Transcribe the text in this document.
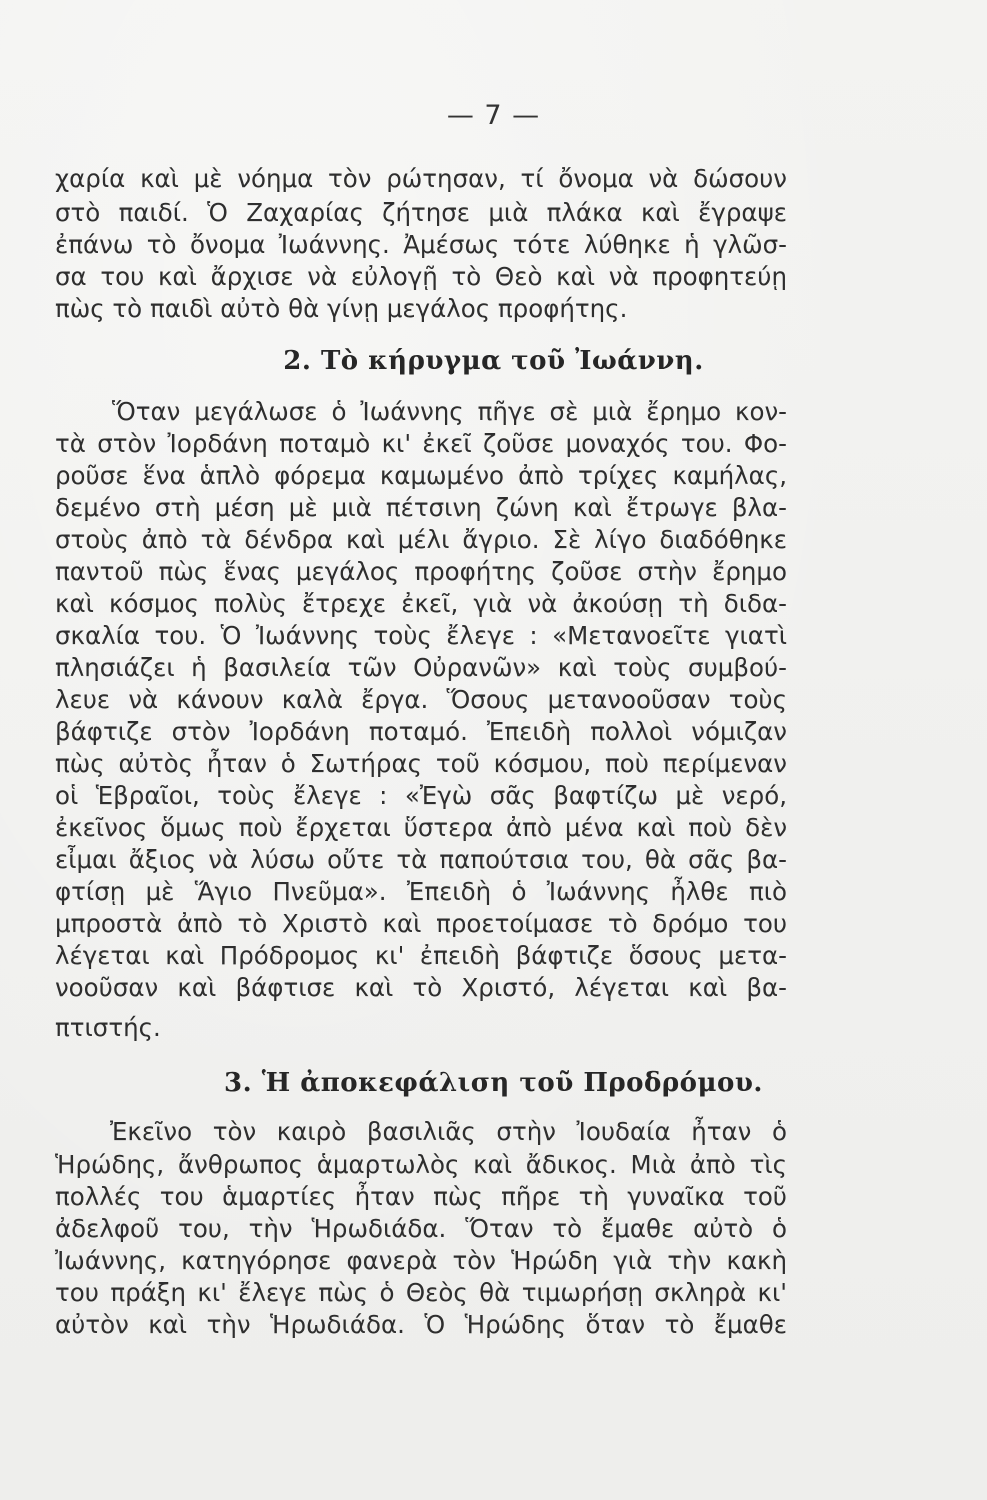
— 7 —
χαρία καὶ μὲ νόημα τὸν ρώτησαν, τί ὄνομα νὰ δώσουν
στὸ παιδί. Ὁ Ζαχαρίας ζήτησε μιὰ πλάκα καὶ ἔγραψε
ἐπάνω τὸ ὄνομα Ἰωάννης. Ἀμέσως τότε λύθηκε ἡ γλῶσ-
σα του καὶ ἄρχισε νὰ εὐλογῇ τὸ Θεὸ καὶ νὰ προφητεύῃ
πὼς τὸ παιδὶ αὐτὸ θὰ γίνῃ μεγάλος προφήτης.
2. Τὸ κήρυγμα τοῦ Ἰωάννη.
Ὅταν μεγάλωσε ὁ Ἰωάννης πῆγε σὲ μιὰ ἔρημο κον-
τὰ στὸν Ἰορδάνη ποταμὸ κι' ἐκεῖ ζοῦσε μοναχός του. Φο-
ροῦσε ἕνα ἁπλὸ φόρεμα καμωμένο ἀπὸ τρίχες καμήλας,
δεμένο στὴ μέση μὲ μιὰ πέτσινη ζώνη καὶ ἔτρωγε βλα-
στοὺς ἀπὸ τὰ δένδρα καὶ μέλι ἄγριο. Σὲ λίγο διαδόθηκε
παντοῦ πὼς ἕνας μεγάλος προφήτης ζοῦσε στὴν ἔρημο
καὶ κόσμος πολὺς ἔτρεχε ἐκεῖ, γιὰ νὰ ἀκούσῃ τὴ διδα-
σκαλία του. Ὁ Ἰωάννης τοὺς ἔλεγε : «Μετανοεῖτε γιατὶ
πλησιάζει ἡ βασιλεία τῶν Οὐρανῶν» καὶ τοὺς συμβού-
λευε νὰ κάνουν καλὰ ἔργα. Ὅσους μετανοοῦσαν τοὺς
βάφτιζε στὸν Ἰορδάνη ποταμό. Ἐπειδὴ πολλοὶ νόμιζαν
πὼς αὐτὸς ἦταν ὁ Σωτήρας τοῦ κόσμου, ποὺ περίμεναν
οἱ Ἑβραῖοι, τοὺς ἔλεγε : «Ἐγὼ σᾶς βαφτίζω μὲ νερό,
ἐκεῖνος ὅμως ποὺ ἔρχεται ὕστερα ἀπὸ μένα καὶ ποὺ δὲν
εἶμαι ἄξιος νὰ λύσω οὔτε τὰ παπούτσια του, θὰ σᾶς βα-
φτίσῃ μὲ Ἅγιο Πνεῦμα». Ἐπειδὴ ὁ Ἰωάννης ἦλθε πιὸ
μπροστὰ ἀπὸ τὸ Χριστὸ καὶ προετοίμασε τὸ δρόμο του
λέγεται καὶ Πρόδρομος κι' ἐπειδὴ βάφτιζε ὅσους μετα-
νοοῦσαν καὶ βάφτισε καὶ τὸ Χριστό, λέγεται καὶ βα-
πτιστής.
3. Ἡ ἀποκεφάλιση τοῦ Προδρόμου.
Ἐκεῖνο τὸν καιρὸ βασιλιᾶς στὴν Ἰουδαία ἦταν ὁ
Ἡρώδης, ἄνθρωπος ἁμαρτωλὸς καὶ ἄδικος. Μιὰ ἀπὸ τὶς
πολλές του ἁμαρτίες ἦταν πὼς πῆρε τὴ γυναῖκα τοῦ
ἀδελφοῦ του, τὴν Ἡρωδιάδα. Ὅταν τὸ ἔμαθε αὐτὸ ὁ
Ἰωάννης, κατηγόρησε φανερὰ τὸν Ἡρώδη γιὰ τὴν κακὴ
του πράξη κι' ἔλεγε πὼς ὁ Θεὸς θὰ τιμωρήσῃ σκληρὰ κι'
αὐτὸν καὶ τὴν Ἡρωδιάδα. Ὁ Ἡρώδης ὅταν τὸ ἔμαθε
